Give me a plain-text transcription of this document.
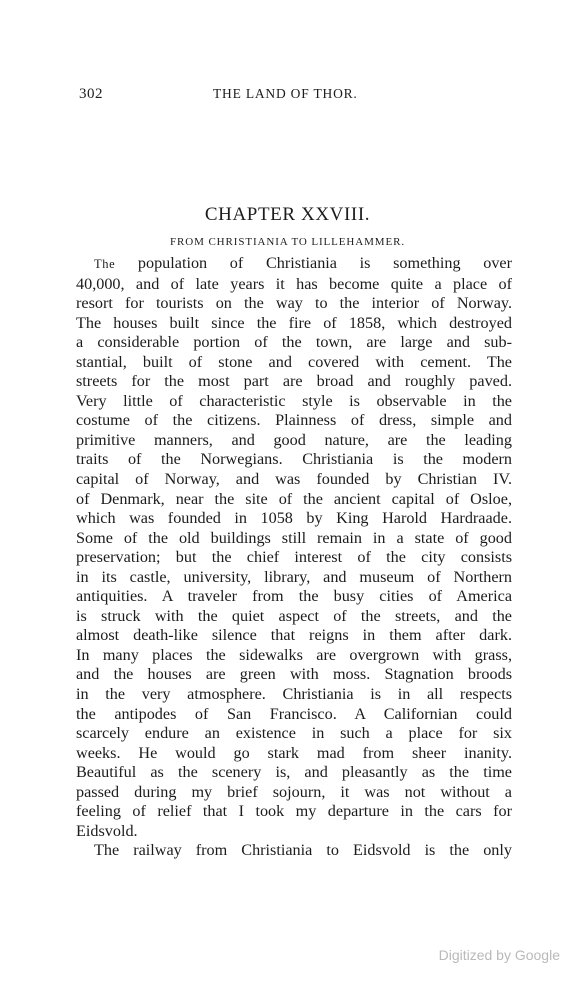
302	THE LAND OF THOR.
CHAPTER XXVIII.
FROM CHRISTIANIA TO LILLEHAMMER.
The population of Christiania is something over
40,000, and of late years it has become quite a place of
resort for tourists on the way to the interior of Norway.
The houses built since the fire of 1858, which destroyed
a considerable portion of the town, are large and sub-
stantial, built of stone and covered with cement. The
streets for the most part are broad and roughly paved.
Very little of characteristic style is observable in the
costume of the citizens. Plainness of dress, simple and
primitive manners, and good nature, are the leading
traits of the Norwegians. Christiania is the modern
capital of Norway, and was founded by Christian IV.
of Denmark, near the site of the ancient capital of Osloe,
which was founded in 1058 by King Harold Hardraade.
Some of the old buildings still remain in a state of good
preservation; but the chief interest of the city consists
in its castle, university, library, and museum of Northern
antiquities. A traveler from the busy cities of America
is struck with the quiet aspect of the streets, and the
almost death-like silence that reigns in them after dark.
In many places the sidewalks are overgrown with grass,
and the houses are green with moss. Stagnation broods
in the very atmosphere. Christiania is in all respects
the antipodes of San Francisco. A Californian could
scarcely endure an existence in such a place for six
weeks. He would go stark mad from sheer inanity.
Beautiful as the scenery is, and pleasantly as the time
passed during my brief sojourn, it was not without a
feeling of relief that I took my departure in the cars for
Eidsvold.
The railway from Christiania to Eidsvold is the only
Digitized by Google
